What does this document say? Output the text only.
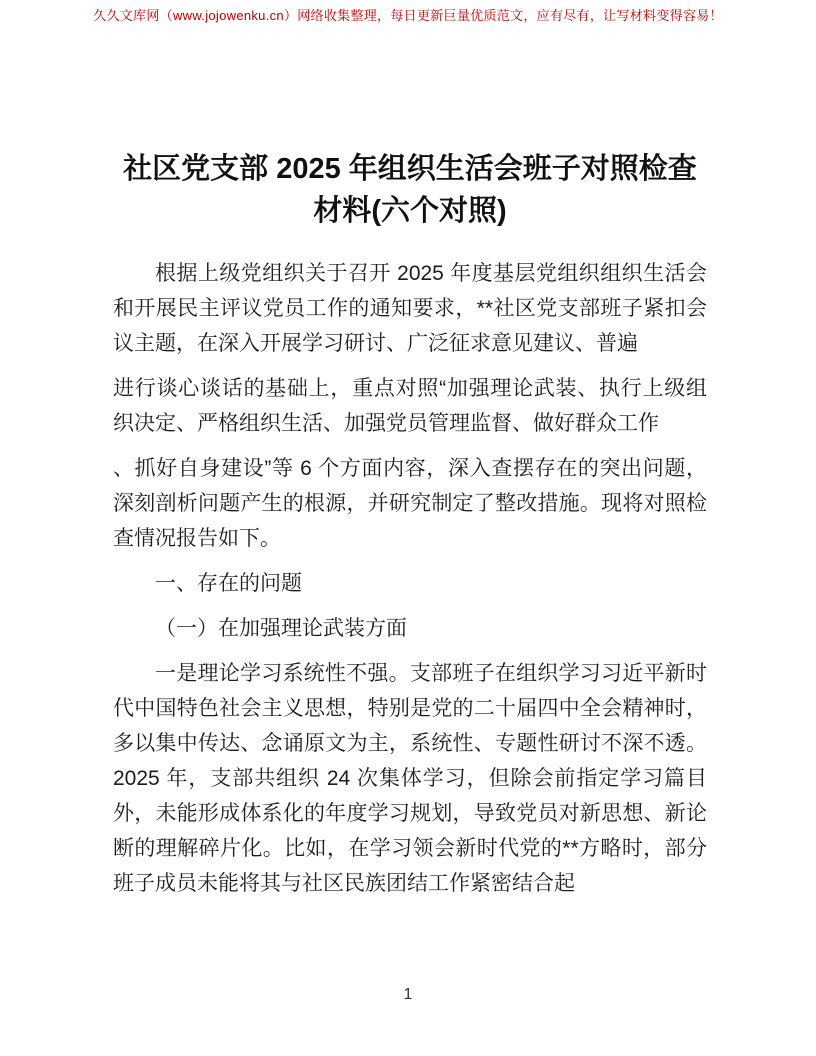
久久文库网（www.jojowenku.cn）网络收集整理，每日更新巨量优质范文，应有尽有，让写材料变得容易！
社区党支部 2025 年组织生活会班子对照检查材料(六个对照)

根据上级党组织关于召开 2025 年度基层党组织组织生活会和开展民主评议党员工作的通知要求，**社区党支部班子紧扣会议主题，在深入开展学习研讨、广泛征求意见建议、普遍

进行谈心谈话的基础上，重点对照“加强理论武装、执行上级组织决定、严格组织生活、加强党员管理监督、做好群众工作

、抓好自身建设”等 6 个方面内容，深入查摆存在的突出问题，深刻剖析问题产生的根源，并研究制定了整改措施。现将对照检查情况报告如下。

一、存在的问题

（一）在加强理论武装方面

一是理论学习系统性不强。支部班子在组织学习习近平新时代中国特色社会主义思想，特别是党的二十届四中全会精神时，多以集中传达、念诵原文为主，系统性、专题性研讨不深不透。2025 年，支部共组织 24 次集体学习，但除会前指定学习篇目外，未能形成体系化的年度学习规划，导致党员对新思想、新论断的理解碎片化。比如，在学习领会新时代党的**方略时，部分班子成员未能将其与社区民族团结工作紧密结合起

1
